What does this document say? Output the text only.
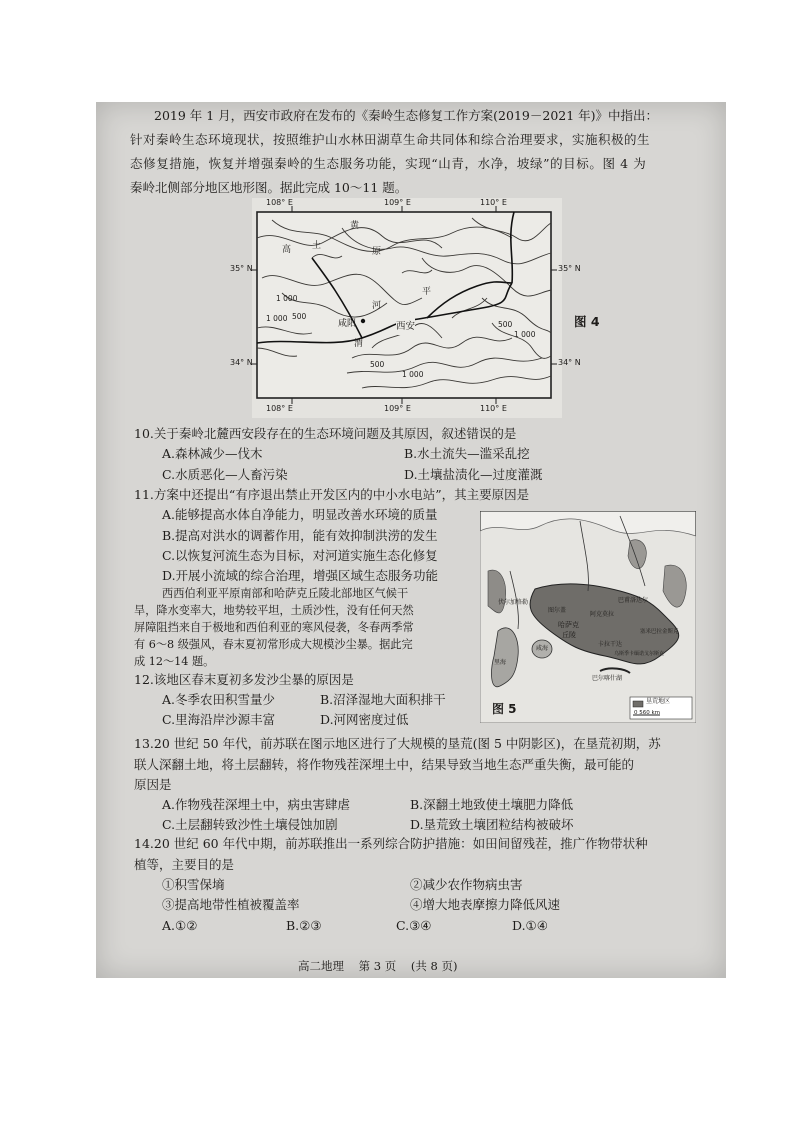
2019 年 1 月，西安市政府在发布的《秦岭生态修复工作方案(2019－2021 年)》中指出：
针对秦岭生态环境现状，按照维护山水林田湖草生命共同体和综合治理要求，实施积极的生
态修复措施，恢复并增强秦岭的生态服务功能，实现“山青，水净，坡绿”的目标。图 4 为
秦岭北侧部分地区地形图。据此完成 10～11 题。
108° E	109° E	110° E
108° E	109° E	110° E
35° N
34° N
35° N
34° N
高	原
黄
土
平
渭
河
咸阳	西安
1 000
1 000 500
500
1 000
500
1 000
图 4
10.关于秦岭北麓西安段存在的生态环境问题及其原因，叙述错误的是
A.森林减少—伐木	B.水土流失—滥采乱挖
C.水质恶化—人畜污染	D.土壤盐渍化—过度灌溉
11.方案中还提出“有序退出禁止开发区内的中小水电站”，其主要原因是
A.能够提高水体自净能力，明显改善水环境的质量
B.提高对洪水的调蓄作用，能有效抑制洪涝的发生
C.以恢复河流生态为目标，对河道实施生态化修复
D.开展小流域的综合治理，增强区域生态服务功能
西西伯利亚平原南部和哈萨克丘陵北部地区气候干
旱，降水变率大，地势较平坦，土质沙性，没有任何天然
屏障阻挡来自于极地和西伯利亚的寒风侵袭，冬春两季常
有 6～8 级强风，春末夏初常形成大规模沙尘暴。据此完
成 12～14 题。
伏尔加格勒
哈萨克
丘陵
图尔盖
阿克莫拉
巴甫洛达尔
塞米巴拉金斯克
卡拉干达
乌斯季卡缅诺戈尔斯克
巴尔喀什湖
咸海
里海
垦荒地区
0 560 km
图 5
12.该地区春末夏初多发沙尘暴的原因是
A.冬季农田积雪量少	B.沼泽湿地大面积排干
C.里海沿岸沙源丰富	D.河网密度过低
13.20 世纪 50 年代，前苏联在图示地区进行了大规模的垦荒(图 5 中阴影区)，在垦荒初期，苏
联人深翻土地，将土层翻转，将作物残茬深埋土中，结果导致当地生态严重失衡，最可能的
原因是
A.作物残茬深埋土中，病虫害肆虐	B.深翻土地致使土壤肥力降低
C.土层翻转致沙性土壤侵蚀加剧	D.垦荒致土壤团粒结构被破坏
14.20 世纪 60 年代中期，前苏联推出一系列综合防护措施：如田间留残茬，推广作物带状种
植等，主要目的是
①积雪保墒	②减少农作物病虫害
③提高地带性植被覆盖率	④增大地表摩擦力降低风速
A.①②	B.②③	C.③④	D.①④
高二地理    第 3 页    (共 8 页)
